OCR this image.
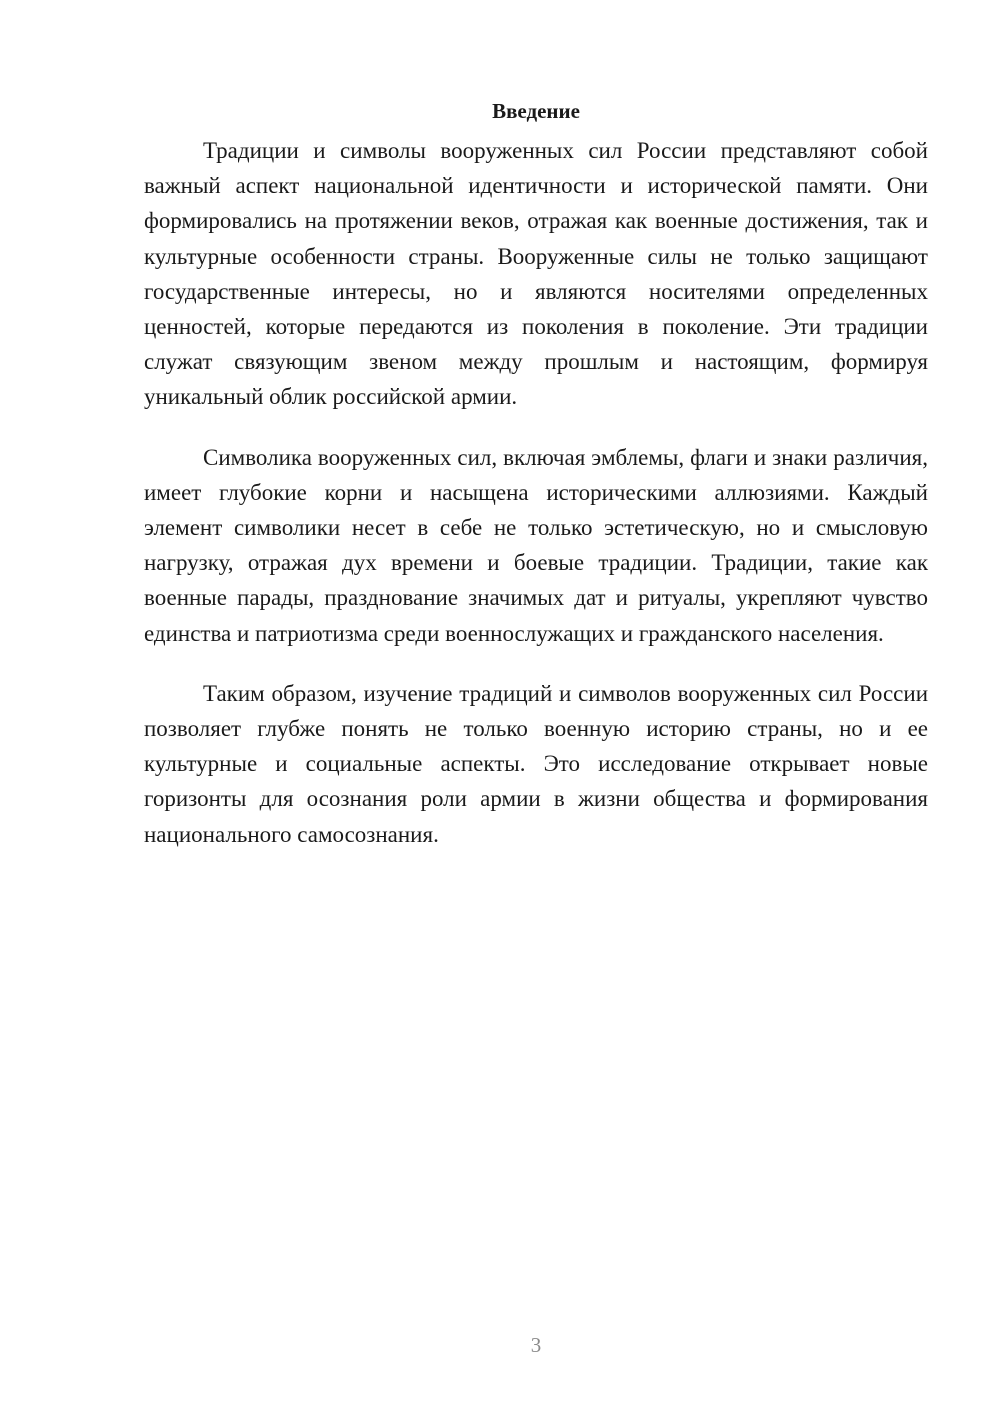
Введение

Традиции и символы вооруженных сил России представляют собой важный аспект национальной идентичности и исторической памяти. Они формировались на протяжении веков, отражая как военные достижения, так и культурные особенности страны. Вооруженные силы не только защищают государственные интересы, но и являются носителями определенных ценностей, которые передаются из поколения в поколение. Эти традиции служат связующим звеном между прошлым и настоящим, формируя уникальный облик российской армии.

Символика вооруженных сил, включая эмблемы, флаги и знаки различия, имеет глубокие корни и насыщена историческими аллюзиями. Каждый элемент символики несет в себе не только эстетическую, но и смысловую нагрузку, отражая дух времени и боевые традиции. Традиции, такие как военные парады, празднование значимых дат и ритуалы, укрепляют чувство единства и патриотизма среди военнослужащих и гражданского населения.

Таким образом, изучение традиций и символов вооруженных сил России позволяет глубже понять не только военную историю страны, но и ее культурные и социальные аспекты. Это исследование открывает новые горизонты для осознания роли армии в жизни общества и формирования национального самосознания.

3
